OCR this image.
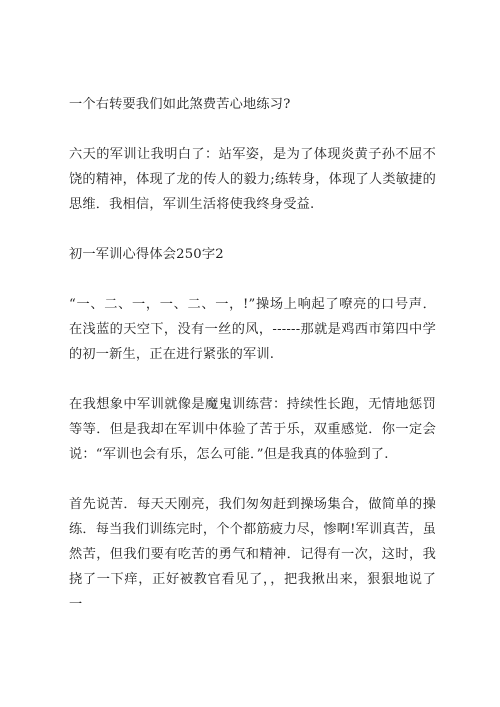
一个右转要我们如此煞费苦心地练习?

六天的军训让我明白了：站军姿，是为了体现炎黄子孙不屈不饶的精神，体现了龙的传人的毅力;练转身，体现了人类敏捷的思维．我相信，军训生活将使我终身受益.

初一军训心得体会250字2

“一、二、一，一、二、一，!”操场上响起了嘹亮的口号声．在浅蓝的天空下，没有一丝的风，------那就是鸡西市第四中学的初一新生，正在进行紧张的军训.

在我想象中军训就像是魔鬼训练营：持续性长跑，无情地惩罚等等．但是我却在军训中体验了苦于乐，双重感觉．你一定会说：“军训也会有乐，怎么可能．”但是我真的体验到了.

首先说苦．每天天刚亮，我们匆匆赶到操场集合，做简单的操练．每当我们训练完时，个个都筋疲力尽，惨啊!军训真苦，虽然苦，但我们要有吃苦的勇气和精神．记得有一次，这时，我挠了一下痒，正好被教官看见了，，把我揪出来，狠狠地说了一
